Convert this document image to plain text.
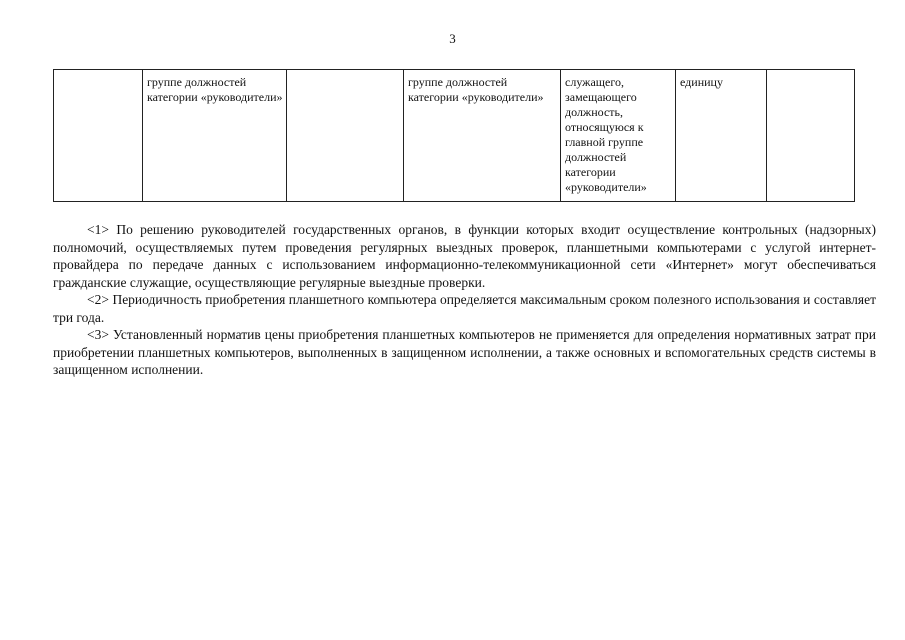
3
	группе должностей категории «руководители»		группе должностей категории «руководители»	служащего, замещающего должность, относящуюся к главной группе должностей категории «руководители»	единицу	

<1> По решению руководителей государственных органов, в функции которых входит осуществление контрольных (надзорных) полномочий, осуществляемых путем проведения регулярных выездных проверок, планшетными компьютерами с услугой интернет-провайдера по передаче данных с использованием информационно-телекоммуникационной сети «Интернет» могут обеспечиваться гражданские служащие, осуществляющие регулярные выездные проверки.

<2> Периодичность приобретения планшетного компьютера определяется максимальным сроком полезного использования и составляет три года.

<3> Установленный норматив цены приобретения планшетных компьютеров не применяется для определения нормативных затрат при приобретении планшетных компьютеров, выполненных в защищенном исполнении, а также основных и вспомогательных средств системы в защищенном исполнении.
